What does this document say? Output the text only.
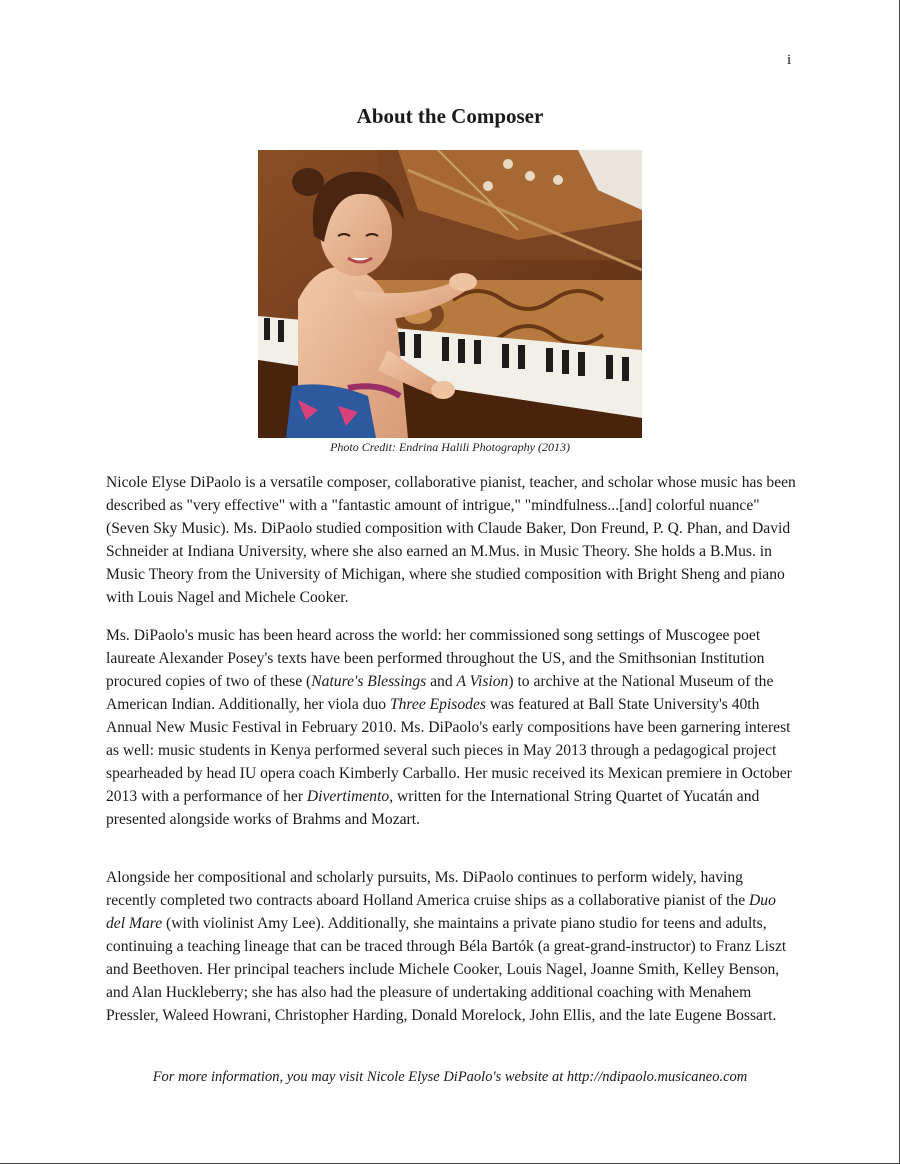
i
About the Composer
Photo Credit: Endrina Halili Photography (2013)

Nicole Elyse DiPaolo is a versatile composer, collaborative pianist, teacher, and scholar whose music has been described as "very effective" with a "fantastic amount of intrigue," "mindfulness...[and] colorful nuance" (Seven Sky Music). Ms. DiPaolo studied composition with Claude Baker, Don Freund, P. Q. Phan, and David Schneider at Indiana University, where she also earned an M.Mus. in Music Theory. She holds a B.Mus. in Music Theory from the University of Michigan, where she studied composition with Bright Sheng and piano with Louis Nagel and Michele Cooker.

Ms. DiPaolo's music has been heard across the world: her commissioned song settings of Muscogee poet laureate Alexander Posey's texts have been performed throughout the US, and the Smithsonian Institution procured copies of two of these (Nature's Blessings and A Vision) to archive at the National Museum of the American Indian. Additionally, her viola duo Three Episodes was featured at Ball State University's 40th Annual New Music Festival in February 2010. Ms. DiPaolo's early compositions have been garnering interest as well: music students in Kenya performed several such pieces in May 2013 through a pedagogical project spearheaded by head IU opera coach Kimberly Carballo. Her music received its Mexican premiere in October 2013 with a performance of her Divertimento, written for the International String Quartet of Yucatán and presented alongside works of Brahms and Mozart.

Alongside her compositional and scholarly pursuits, Ms. DiPaolo continues to perform widely, having recently completed two contracts aboard Holland America cruise ships as a collaborative pianist of the Duo del Mare (with violinist Amy Lee). Additionally, she maintains a private piano studio for teens and adults, continuing a teaching lineage that can be traced through Béla Bartók (a great-grand-instructor) to Franz Liszt and Beethoven. Her principal teachers include Michele Cooker, Louis Nagel, Joanne Smith, Kelley Benson, and Alan Huckleberry; she has also had the pleasure of undertaking additional coaching with Menahem Pressler, Waleed Howrani, Christopher Harding, Donald Morelock, John Ellis, and the late Eugene Bossart.

For more information, you may visit Nicole Elyse DiPaolo's website at http://ndipaolo.musicaneo.com
